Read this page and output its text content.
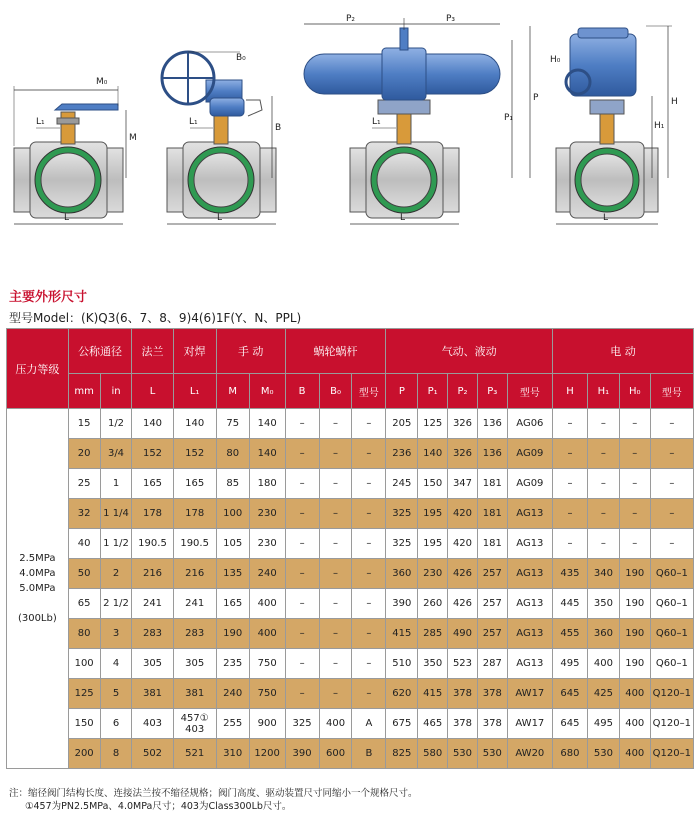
M₀
L₁
M
L
B₀
L₁
B
L
P₂	P₃
L₁
P
P₁
L
H₀
H
H₁
L
主要外形尺寸
型号Model：(K)Q3(6、7、8、9)4(6)1F(Y、N、PPL)
压力等级	公称通径		法兰	对焊	手 动		蜗轮蜗杆			气动、液动					电 动			
	mm	in	L	L₁	M	M₀	B	B₀	型号	P	P₁	P₂	P₃	型号	H	H₁	H₀	型号

2.5MPa
4.0MPa
5.0MPa
(300Lb)	15	1/2	140	140	75	140	–	–	–	205	125	326	136	AG06	–	–	–	–
	20	3/4	152	152	80	140	–	–	–	236	140	326	136	AG09	–	–	–	–
	25	1	165	165	85	180	–	–	–	245	150	347	181	AG09	–	–	–	–
	32	1 1/4	178	178	100	230	–	–	–	325	195	420	181	AG13	–	–	–	–
	40	1 1/2	190.5	190.5	105	230	–	–	–	325	195	420	181	AG13	–	–	–	–
	50	2	216	216	135	240	–	–	–	360	230	426	257	AG13	435	340	190	Q60–1
	65	2 1/2	241	241	165	400	–	–	–	390	260	426	257	AG13	445	350	190	Q60–1
	80	3	283	283	190	400	–	–	–	415	285	490	257	AG13	455	360	190	Q60–1
	100	4	305	305	235	750	–	–	–	510	350	523	287	AG13	495	400	190	Q60–1
	125	5	381	381	240	750	–	–	–	620	415	378	378	AW17	645	425	400	Q120–1
	150	6	403	457① 403	255	900	325	400	A	675	465	378	378	AW17	645	495	400	Q120–1
	200	8	502	521	310	1200	390	600	B	825	580	530	530	AW20	680	530	400	Q120–1
注：缩径阀门结构长度、连接法兰按不缩径规格；阀门高度、驱动装置尺寸同缩小一个规格尺寸。
①457为PN2.5MPa、4.0MPa尺寸；403为Class300Lb尺寸。
